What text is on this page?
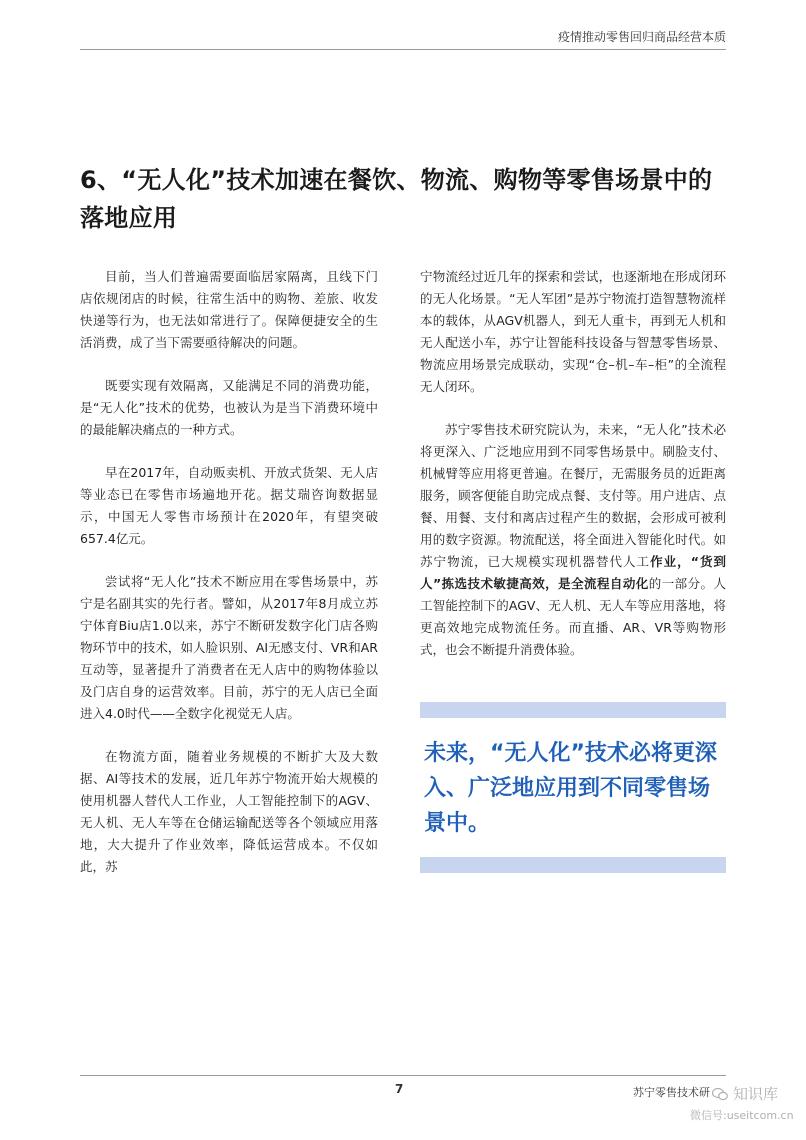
疫情推动零售回归商品经营本质
6、“无人化”技术加速在餐饮、物流、购物等零售场景中的落地应用

目前，当人们普遍需要面临居家隔离，且线下门店依规闭店的时候，往常生活中的购物、差旅、收发快递等行为，也无法如常进行了。保障便捷安全的生活消费，成了当下需要亟待解决的问题。

既要实现有效隔离，又能满足不同的消费功能，是“无人化”技术的优势，也被认为是当下消费环境中的最能解决痛点的一种方式。

早在2017年，自动贩卖机、开放式货架、无人店等业态已在零售市场遍地开花。据艾瑞咨询数据显示，中国无人零售市场预计在2020年，有望突破657.4亿元。

尝试将“无人化”技术不断应用在零售场景中，苏宁是名副其实的先行者。譬如，从2017年8月成立苏宁体育Biu店1.0以来，苏宁不断研发数字化门店各购物环节中的技术，如人脸识别、AI无感支付、VR和AR互动等，显著提升了消费者在无人店中的购物体验以及门店自身的运营效率。目前，苏宁的无人店已全面进入4.0时代——全数字化视觉无人店。

在物流方面，随着业务规模的不断扩大及大数据、AI等技术的发展，近几年苏宁物流开始大规模的使用机器人替代人工作业，人工智能控制下的AGV、无人机、无人车等在仓储运输配送等各个领域应用落地，大大提升了作业效率，降低运营成本。不仅如此，苏

宁物流经过近几年的探索和尝试，也逐渐地在形成闭环的无人化场景。“无人军团”是苏宁物流打造智慧物流样本的载体，从AGV机器人，到无人重卡，再到无人机和无人配送小车，苏宁让智能科技设备与智慧零售场景、物流应用场景完成联动，实现“仓–机–车–柜”的全流程无人闭环。

苏宁零售技术研究院认为，未来，“无人化”技术必将更深入、广泛地应用到不同零售场景中。刷脸支付、机械臂等应用将更普遍。在餐厅，无需服务员的近距离服务，顾客便能自助完成点餐、支付等。用户进店、点餐、用餐、支付和离店过程产生的数据，会形成可被利用的数字资源。物流配送，将全面进入智能化时代。如苏宁物流，已大规模实现机器替代人工作业，“货到人”拣选技术敏捷高效，是全流程自动化的一部分。人工智能控制下的AGV、无人机、无人车等应用落地，将更高效地完成物流任务。而直播、AR、VR等购物形式，也会不断提升消费体验。

未来，“无人化”技术必将更深入、广泛地应用到不同零售场景中。
7	苏宁零售技术研 知识库
微信号:useitcom.cn
